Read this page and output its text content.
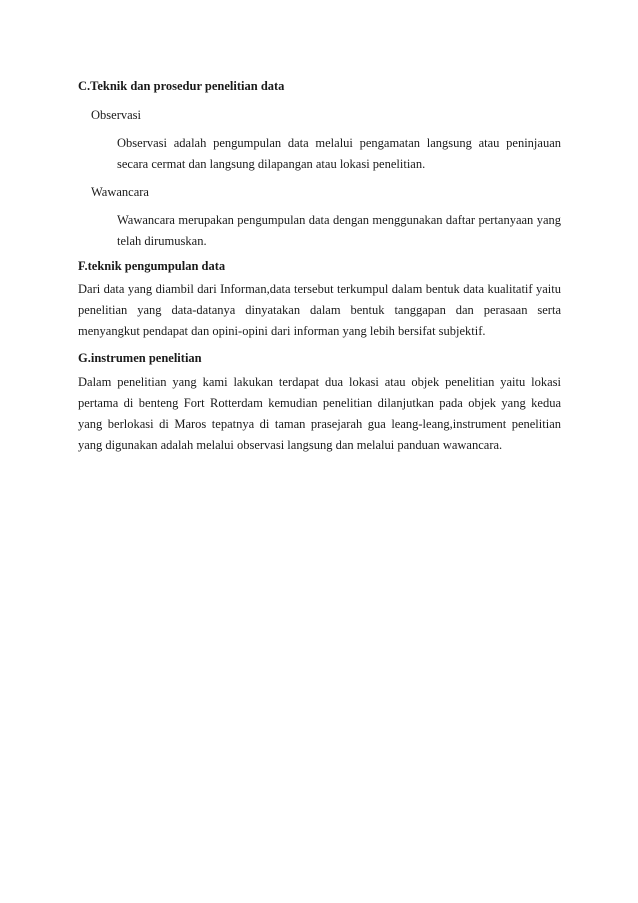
C.Teknik dan prosedur penelitian data

Observasi

Observasi adalah pengumpulan data melalui pengamatan langsung atau peninjauan secara cermat dan langsung dilapangan atau lokasi penelitian.

Wawancara

Wawancara merupakan pengumpulan data dengan menggunakan daftar pertanyaan yang telah dirumuskan.

F.teknik pengumpulan data

Dari data yang diambil dari Informan,data tersebut terkumpul dalam bentuk data kualitatif yaitu penelitian yang data-datanya dinyatakan dalam bentuk tanggapan dan perasaan serta menyangkut pendapat dan opini-opini dari informan yang lebih bersifat subjektif.

G.instrumen penelitian

Dalam penelitian yang kami lakukan terdapat dua lokasi atau objek penelitian yaitu lokasi pertama di benteng Fort Rotterdam kemudian penelitian dilanjutkan pada objek yang kedua yang berlokasi di Maros tepatnya di taman prasejarah gua leang-leang,instrument penelitian yang digunakan adalah melalui observasi langsung dan melalui panduan wawancara.
